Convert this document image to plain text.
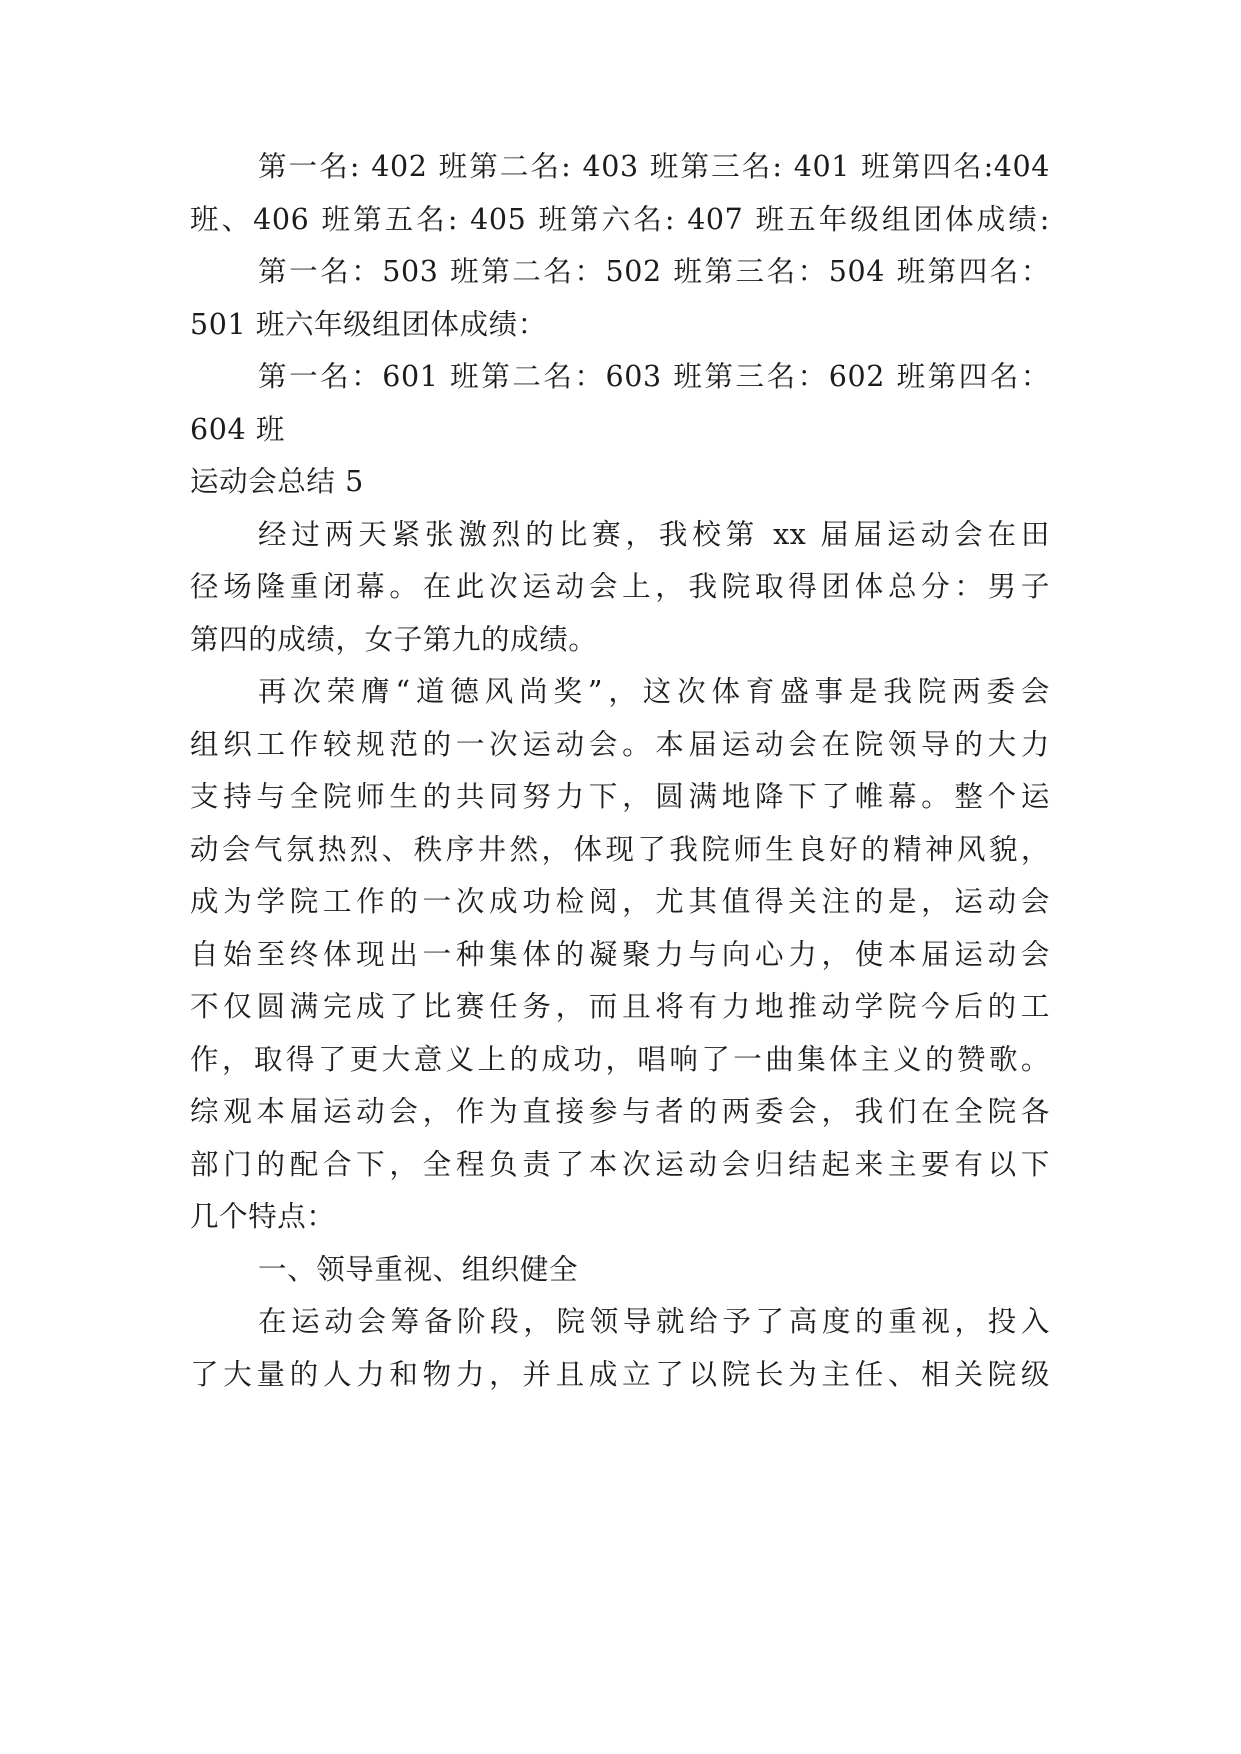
第一名: 402 班第二名: 403 班第三名: 401 班第四名:404

班、406 班第五名: 405 班第六名: 407 班五年级组团体成绩:

第一名：503 班第二名：502 班第三名：504 班第四名：

501 班六年级组团体成绩：

第一名：601 班第二名：603 班第三名：602 班第四名：

604 班

运动会总结 5

经过两天紧张激烈的比赛，我校第 xx 届届运动会在田

径场隆重闭幕。在此次运动会上，我院取得团体总分：男子

第四的成绩，女子第九的成绩。

再次荣膺“道德风尚奖”，这次体育盛事是我院两委会

组织工作较规范的一次运动会。本届运动会在院领导的大力

支持与全院师生的共同努力下，圆满地降下了帷幕。整个运

动会气氛热烈、秩序井然，体现了我院师生良好的精神风貌，

成为学院工作的一次成功检阅，尤其值得关注的是，运动会

自始至终体现出一种集体的凝聚力与向心力，使本届运动会

不仅圆满完成了比赛任务，而且将有力地推动学院今后的工

作，取得了更大意义上的成功，唱响了一曲集体主义的赞歌。

综观本届运动会，作为直接参与者的两委会，我们在全院各

部门的配合下，全程负责了本次运动会归结起来主要有以下

几个特点：

一、领导重视、组织健全

在运动会筹备阶段，院领导就给予了高度的重视，投入

了大量的人力和物力，并且成立了以院长为主任、相关院级
